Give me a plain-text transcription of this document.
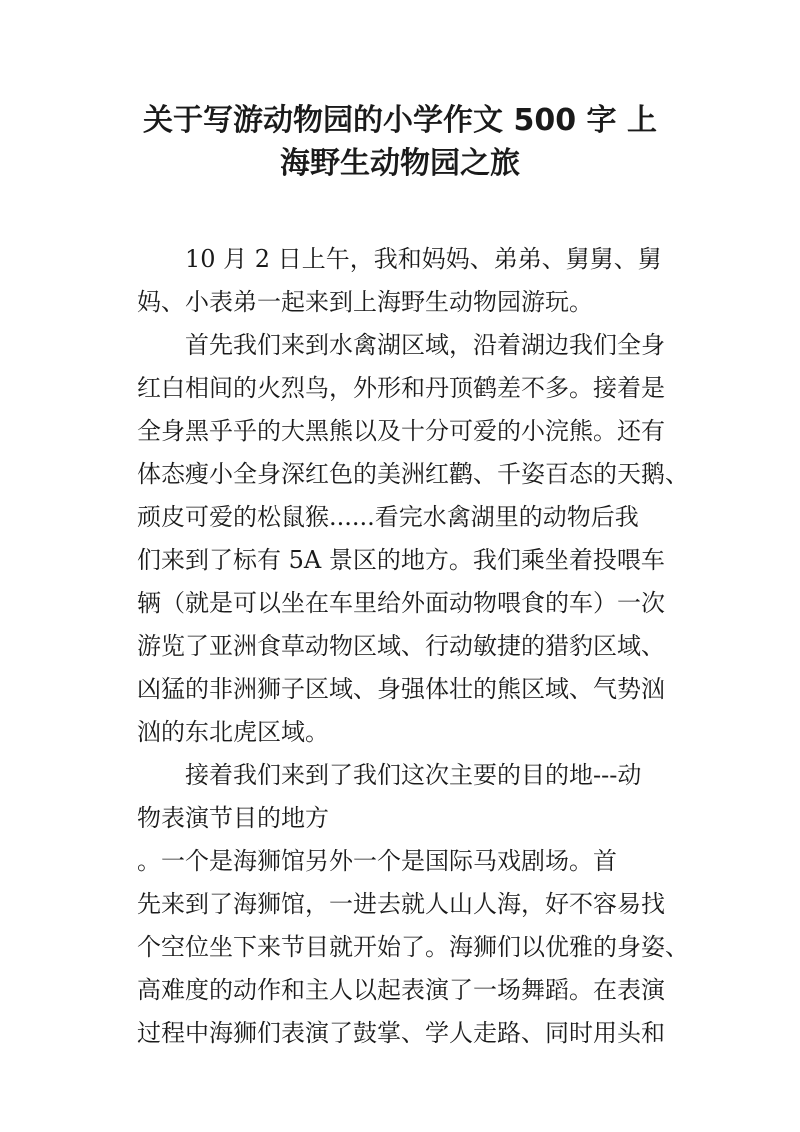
关于写游动物园的小学作文 500 字 上
海野生动物园之旅
　　10 月 2 日上午，我和妈妈、弟弟、舅舅、舅
妈、小表弟一起来到上海野生动物园游玩。
　　首先我们来到水禽湖区域，沿着湖边我们全身
红白相间的火烈鸟，外形和丹顶鹤差不多。接着是
全身黑乎乎的大黑熊以及十分可爱的小浣熊。还有
体态瘦小全身深红色的美洲红鹳、千姿百态的天鹅、
顽皮可爱的松鼠猴......看完水禽湖里的动物后我
们来到了标有 5A 景区的地方。我们乘坐着投喂车
辆（就是可以坐在车里给外面动物喂食的车）一次
游览了亚洲食草动物区域、行动敏捷的猎豹区域、
凶猛的非洲狮子区域、身强体壮的熊区域、气势汹
汹的东北虎区域。
　　接着我们来到了我们这次主要的目的地---动
物表演节目的地方
。一个是海狮馆另外一个是国际马戏剧场。首
先来到了海狮馆，一进去就人山人海，好不容易找
个空位坐下来节目就开始了。海狮们以优雅的身姿、
高难度的动作和主人以起表演了一场舞蹈。在表演
过程中海狮们表演了鼓掌、学人走路、同时用头和
